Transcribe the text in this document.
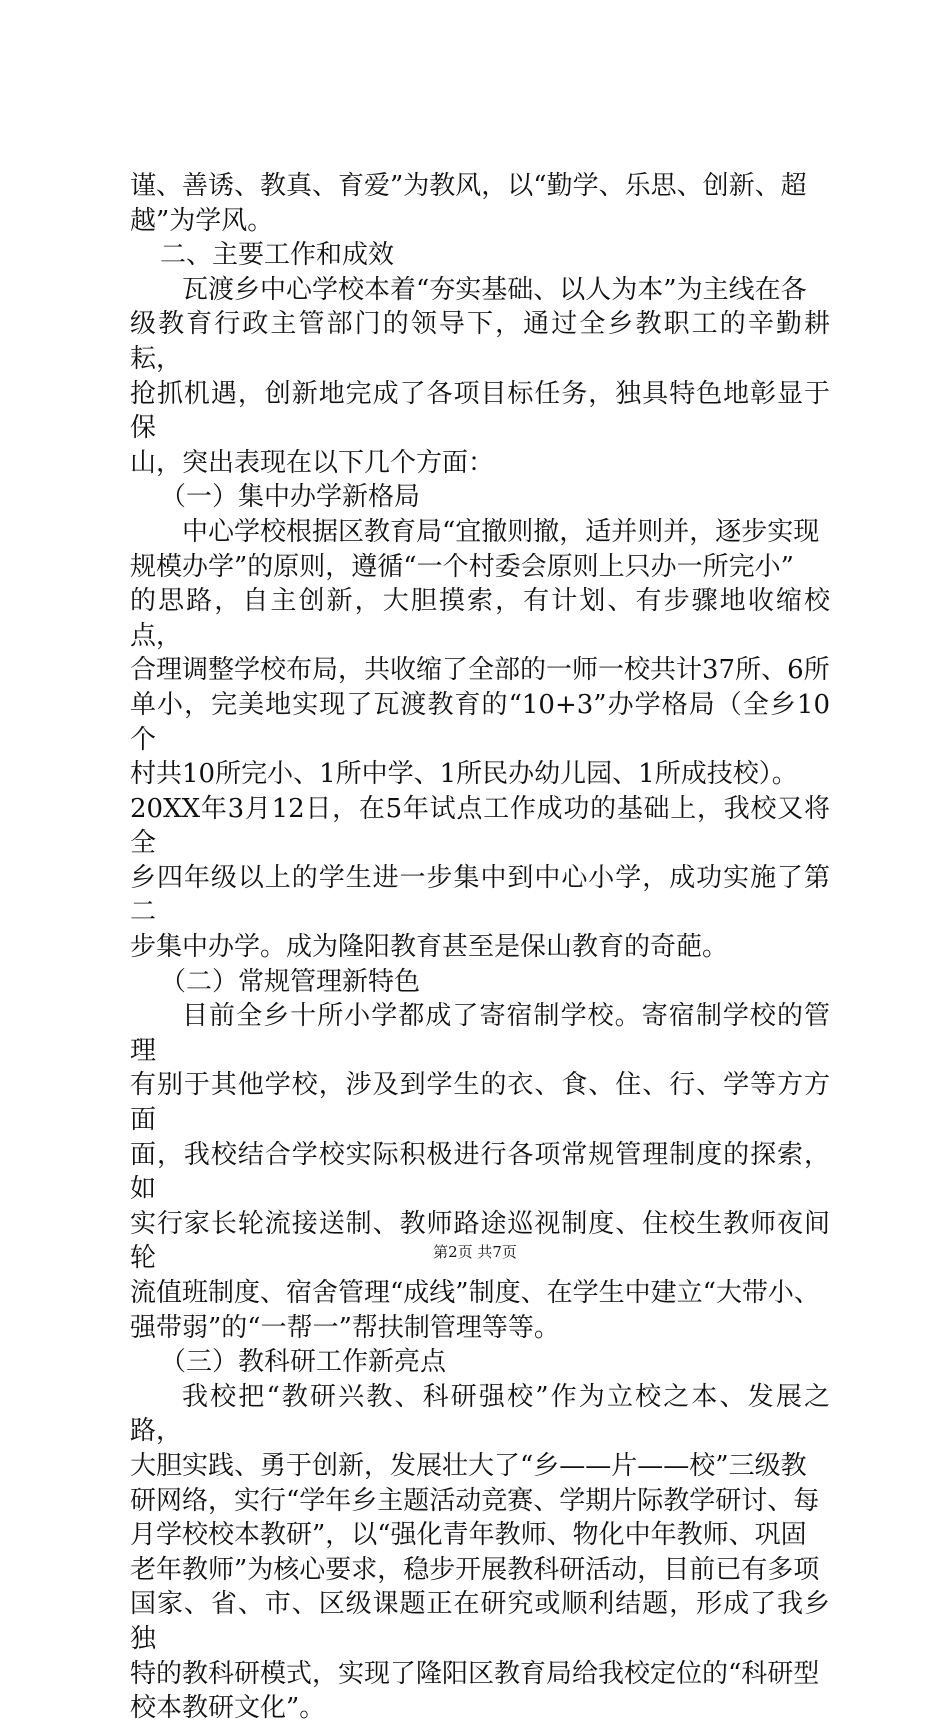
谨、善诱、教真、育爱”为教风，以“勤学、乐思、创新、超
越”为学风。

二、主要工作和成效

瓦渡乡中心学校本着“夯实基础、以人为本”为主线在各
级教育行政主管部门的领导下，通过全乡教职工的辛勤耕耘，
抢抓机遇，创新地完成了各项目标任务，独具特色地彰显于保
山，突出表现在以下几个方面：

（一）集中办学新格局

中心学校根据区教育局“宜撤则撤，适并则并，逐步实现
规模办学”的原则，遵循“一个村委会原则上只办一所完小”
的思路，自主创新，大胆摸索，有计划、有步骤地收缩校点，
合理调整学校布局，共收缩了全部的一师一校共计37所、6所
单小，完美地实现了瓦渡教育的“10+3”办学格局（全乡10个
村共10所完小、1所中学、1所民办幼儿园、1所成技校）。
20XX年3月12日，在5年试点工作成功的基础上，我校又将全
乡四年级以上的学生进一步集中到中心小学，成功实施了第二
步集中办学。成为隆阳教育甚至是保山教育的奇葩。

（二）常规管理新特色

目前全乡十所小学都成了寄宿制学校。寄宿制学校的管理
有别于其他学校，涉及到学生的衣、食、住、行、学等方方面
面，我校结合学校实际积极进行各项常规管理制度的探索，如
实行家长轮流接送制、教师路途巡视制度、住校生教师夜间轮
流值班制度、宿舍管理“成线”制度、在学生中建立“大带小、
强带弱”的“一帮一”帮扶制管理等等。

（三）教科研工作新亮点

我校把“教研兴教、科研强校”作为立校之本、发展之路，
大胆实践、勇于创新，发展壮大了“乡——片——校”三级教
研网络，实行“学年乡主题活动竞赛、学期片际教学研讨、每
月学校校本教研”，以“强化青年教师、物化中年教师、巩固
老年教师”为核心要求，稳步开展教科研活动，目前已有多项
国家、省、市、区级课题正在研究或顺利结题，形成了我乡独
特的教科研模式，实现了隆阳区教育局给我校定位的“科研型
校本教研文化”。

第2页 共7页
